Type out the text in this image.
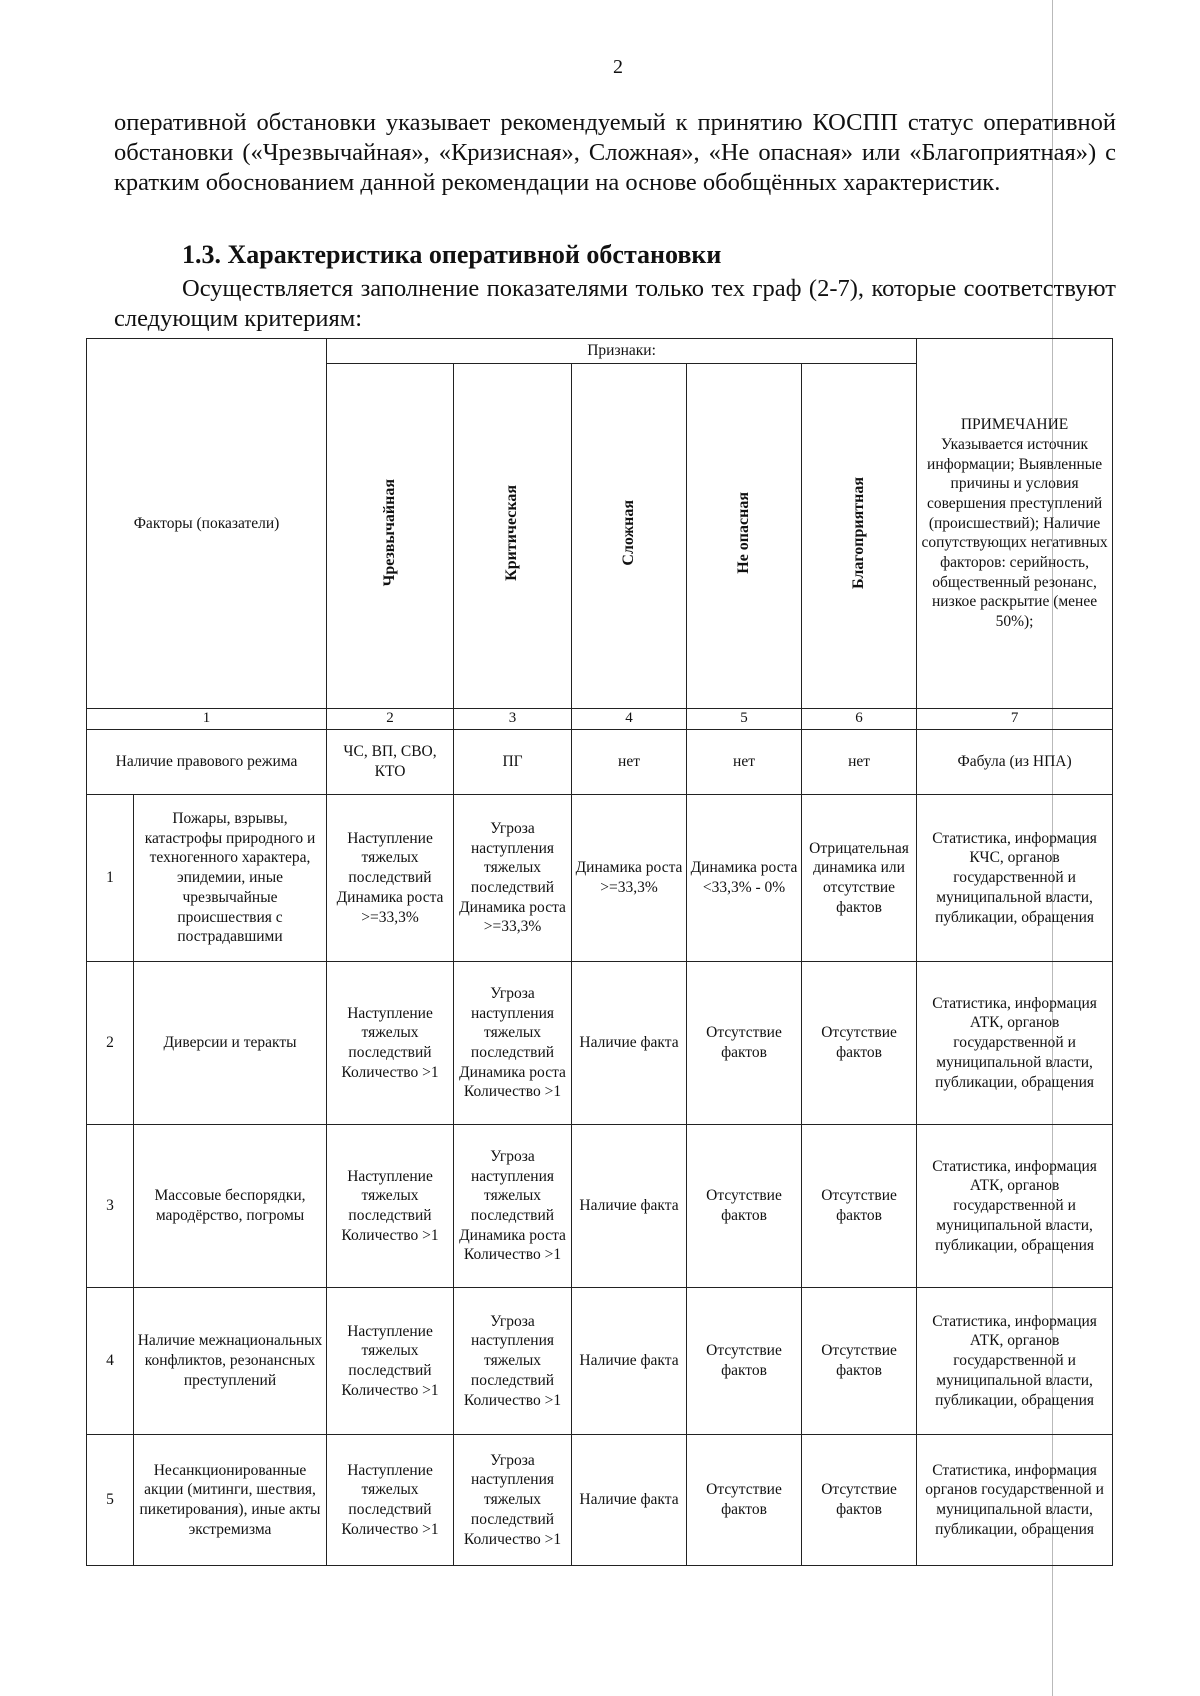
2
оперативной обстановки указывает рекомендуемый к принятию КОСПП статус оперативной обстановки («Чрезвычайная», «Кризисная», Сложная», «Не опасная» или «Благоприятная») с кратким обоснованием данной рекомендации на основе обобщённых характеристик.
1.3. Характеристика оперативной обстановки
Осуществляется заполнение показателями только тех граф (2-7), которые соответствуют следующим критериям:
Факторы (показатели)		Признаки:					ПРИМЕЧАНИЕ Указывается источник информации; Выявленные причины и условия совершения преступлений (происшествий); Наличие сопутствующих негативных факторов: серийность, общественный резонанс, низкое раскрытие (менее 50%);
		Чрезвычайная	Критическая	Сложная	Не опасная	Благоприятная	
1		2	3	4	5	6	7
Наличие правового режима		ЧС, ВП, СВО, КТО	ПГ	нет	нет	нет	Фабула (из НПА)
1	Пожары, взрывы, катастрофы природного и техногенного характера, эпидемии, иные чрезвычайные происшествия с пострадавшими	Наступление тяжелых последствий Динамика роста >=33,3%	Угроза наступления тяжелых последствий Динамика роста >=33,3%	Динамика роста >=33,3%	Динамика роста <33,3% - 0%	Отрицательная динамика или отсутствие фактов	Статистика, информация КЧС, органов государственной и муниципальной власти, публикации, обращения
2	Диверсии и теракты	Наступление тяжелых последствий Количество >1	Угроза наступления тяжелых последствий Динамика роста Количество >1	Наличие факта	Отсутствие фактов	Отсутствие фактов	Статистика, информация АТК, органов государственной и муниципальной власти, публикации, обращения
3	Массовые беспорядки, мародёрство, погромы	Наступление тяжелых последствий Количество >1	Угроза наступления тяжелых последствий Динамика роста Количество >1	Наличие факта	Отсутствие фактов	Отсутствие фактов	Статистика, информация АТК, органов государственной и муниципальной власти, публикации, обращения
4	Наличие межнациональных конфликтов, резонансных преступлений	Наступление тяжелых последствий Количество >1	Угроза наступления тяжелых последствий Количество >1	Наличие факта	Отсутствие фактов	Отсутствие фактов	Статистика, информация АТК, органов государственной и муниципальной власти, публикации, обращения
5	Несанкционированные акции (митинги, шествия, пикетирования), иные акты экстремизма	Наступление тяжелых последствий Количество >1	Угроза наступления тяжелых последствий Количество >1	Наличие факта	Отсутствие фактов	Отсутствие фактов	Статистика, информация органов государственной и муниципальной власти, публикации, обращения
